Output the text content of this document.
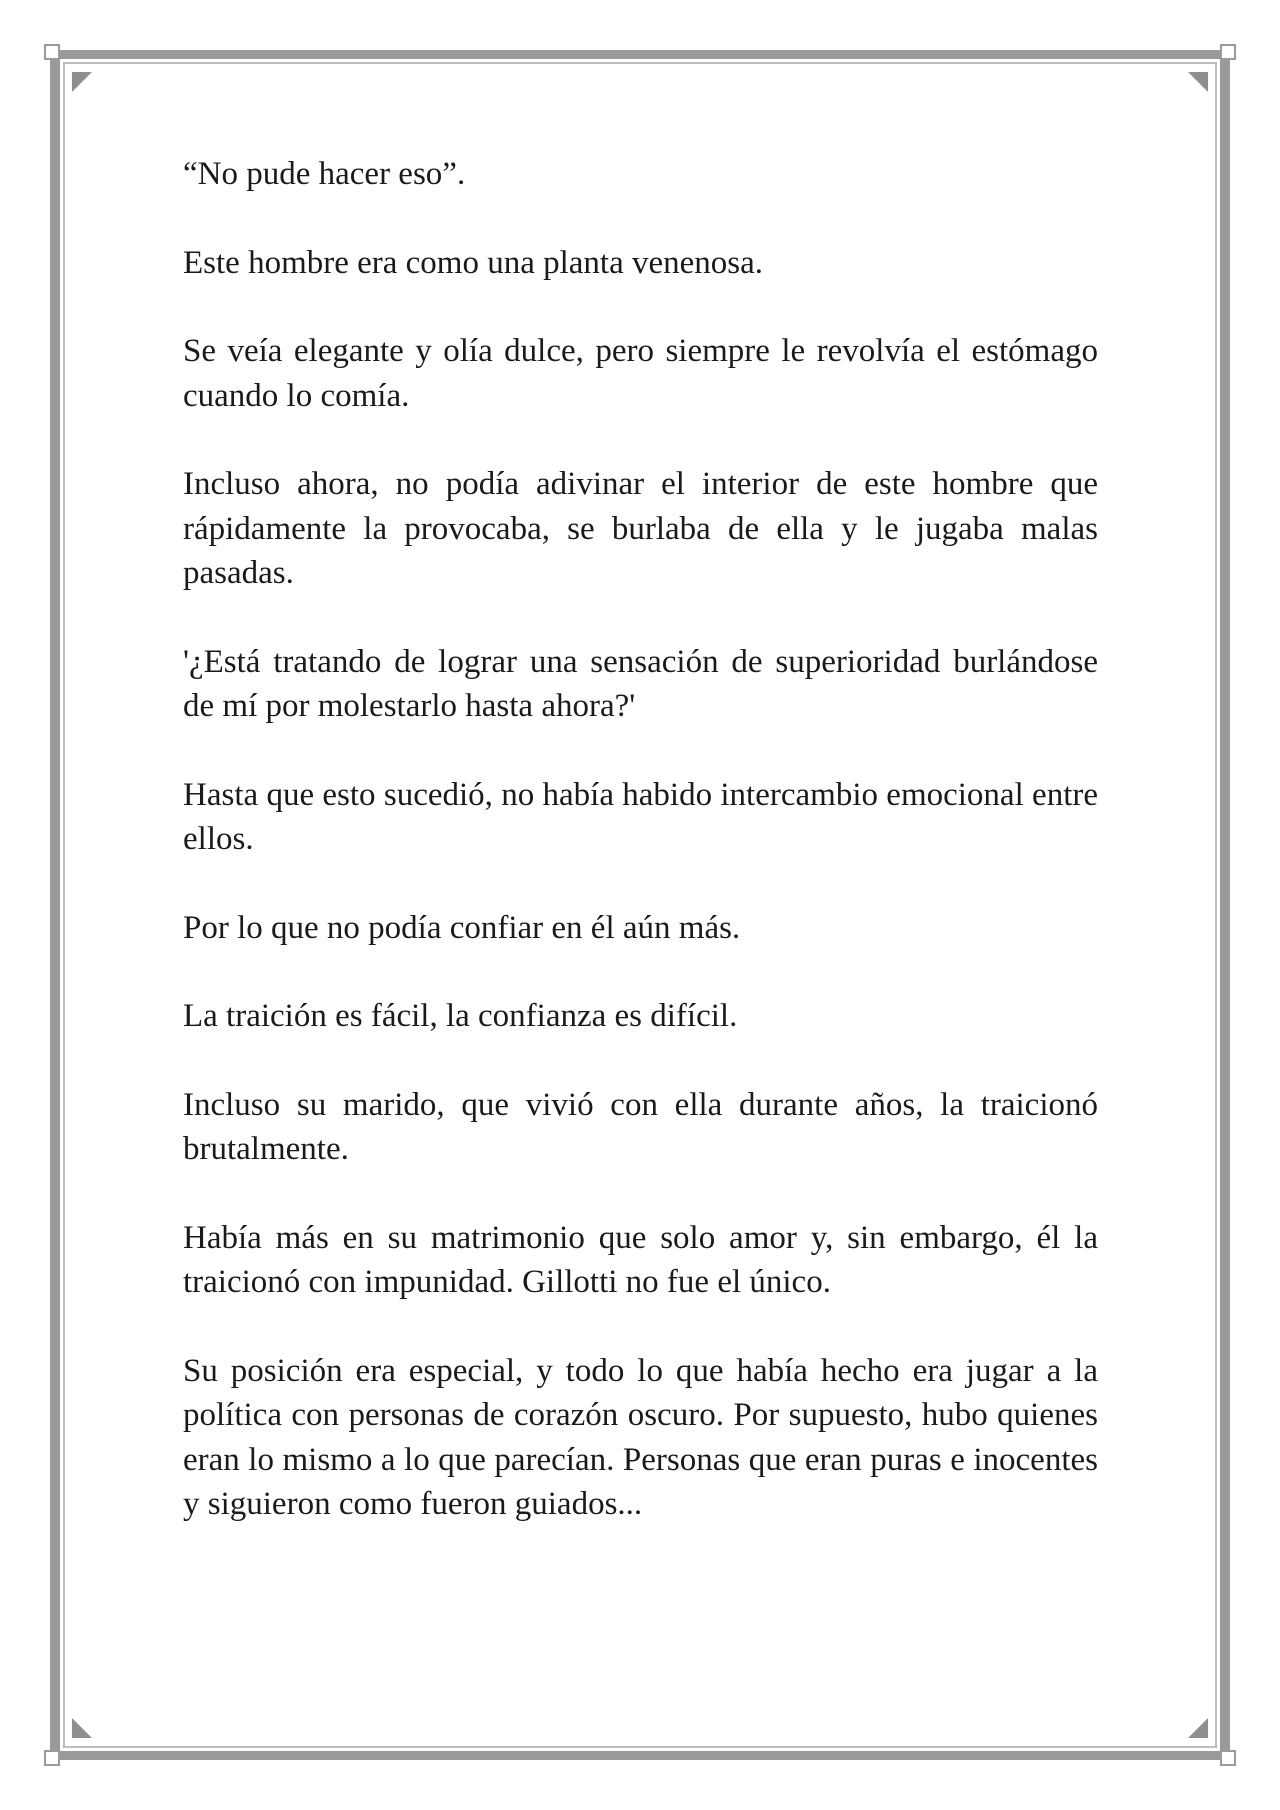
“No pude hacer eso”.

Este hombre era como una planta venenosa.

Se veía elegante y olía dulce, pero siempre le revolvía el estómago cuando lo comía.

Incluso ahora, no podía adivinar el interior de este hombre que rápidamente la provocaba, se burlaba de ella y le jugaba malas pasadas.

'¿Está tratando de lograr una sensación de superioridad burlándose de mí por molestarlo hasta ahora?'

Hasta que esto sucedió, no había habido intercambio emocional entre ellos.

Por lo que no podía confiar en él aún más.

La traición es fácil, la confianza es difícil.

Incluso su marido, que vivió con ella durante años, la traicionó brutalmente.

Había más en su matrimonio que solo amor y, sin embargo, él la traicionó con impunidad. Gillotti no fue el único.

Su posición era especial, y todo lo que había hecho era jugar a la política con personas de corazón oscuro. Por supuesto, hubo quienes eran lo mismo a lo que parecían. Personas que eran puras e inocentes y siguieron como fueron guiados...
